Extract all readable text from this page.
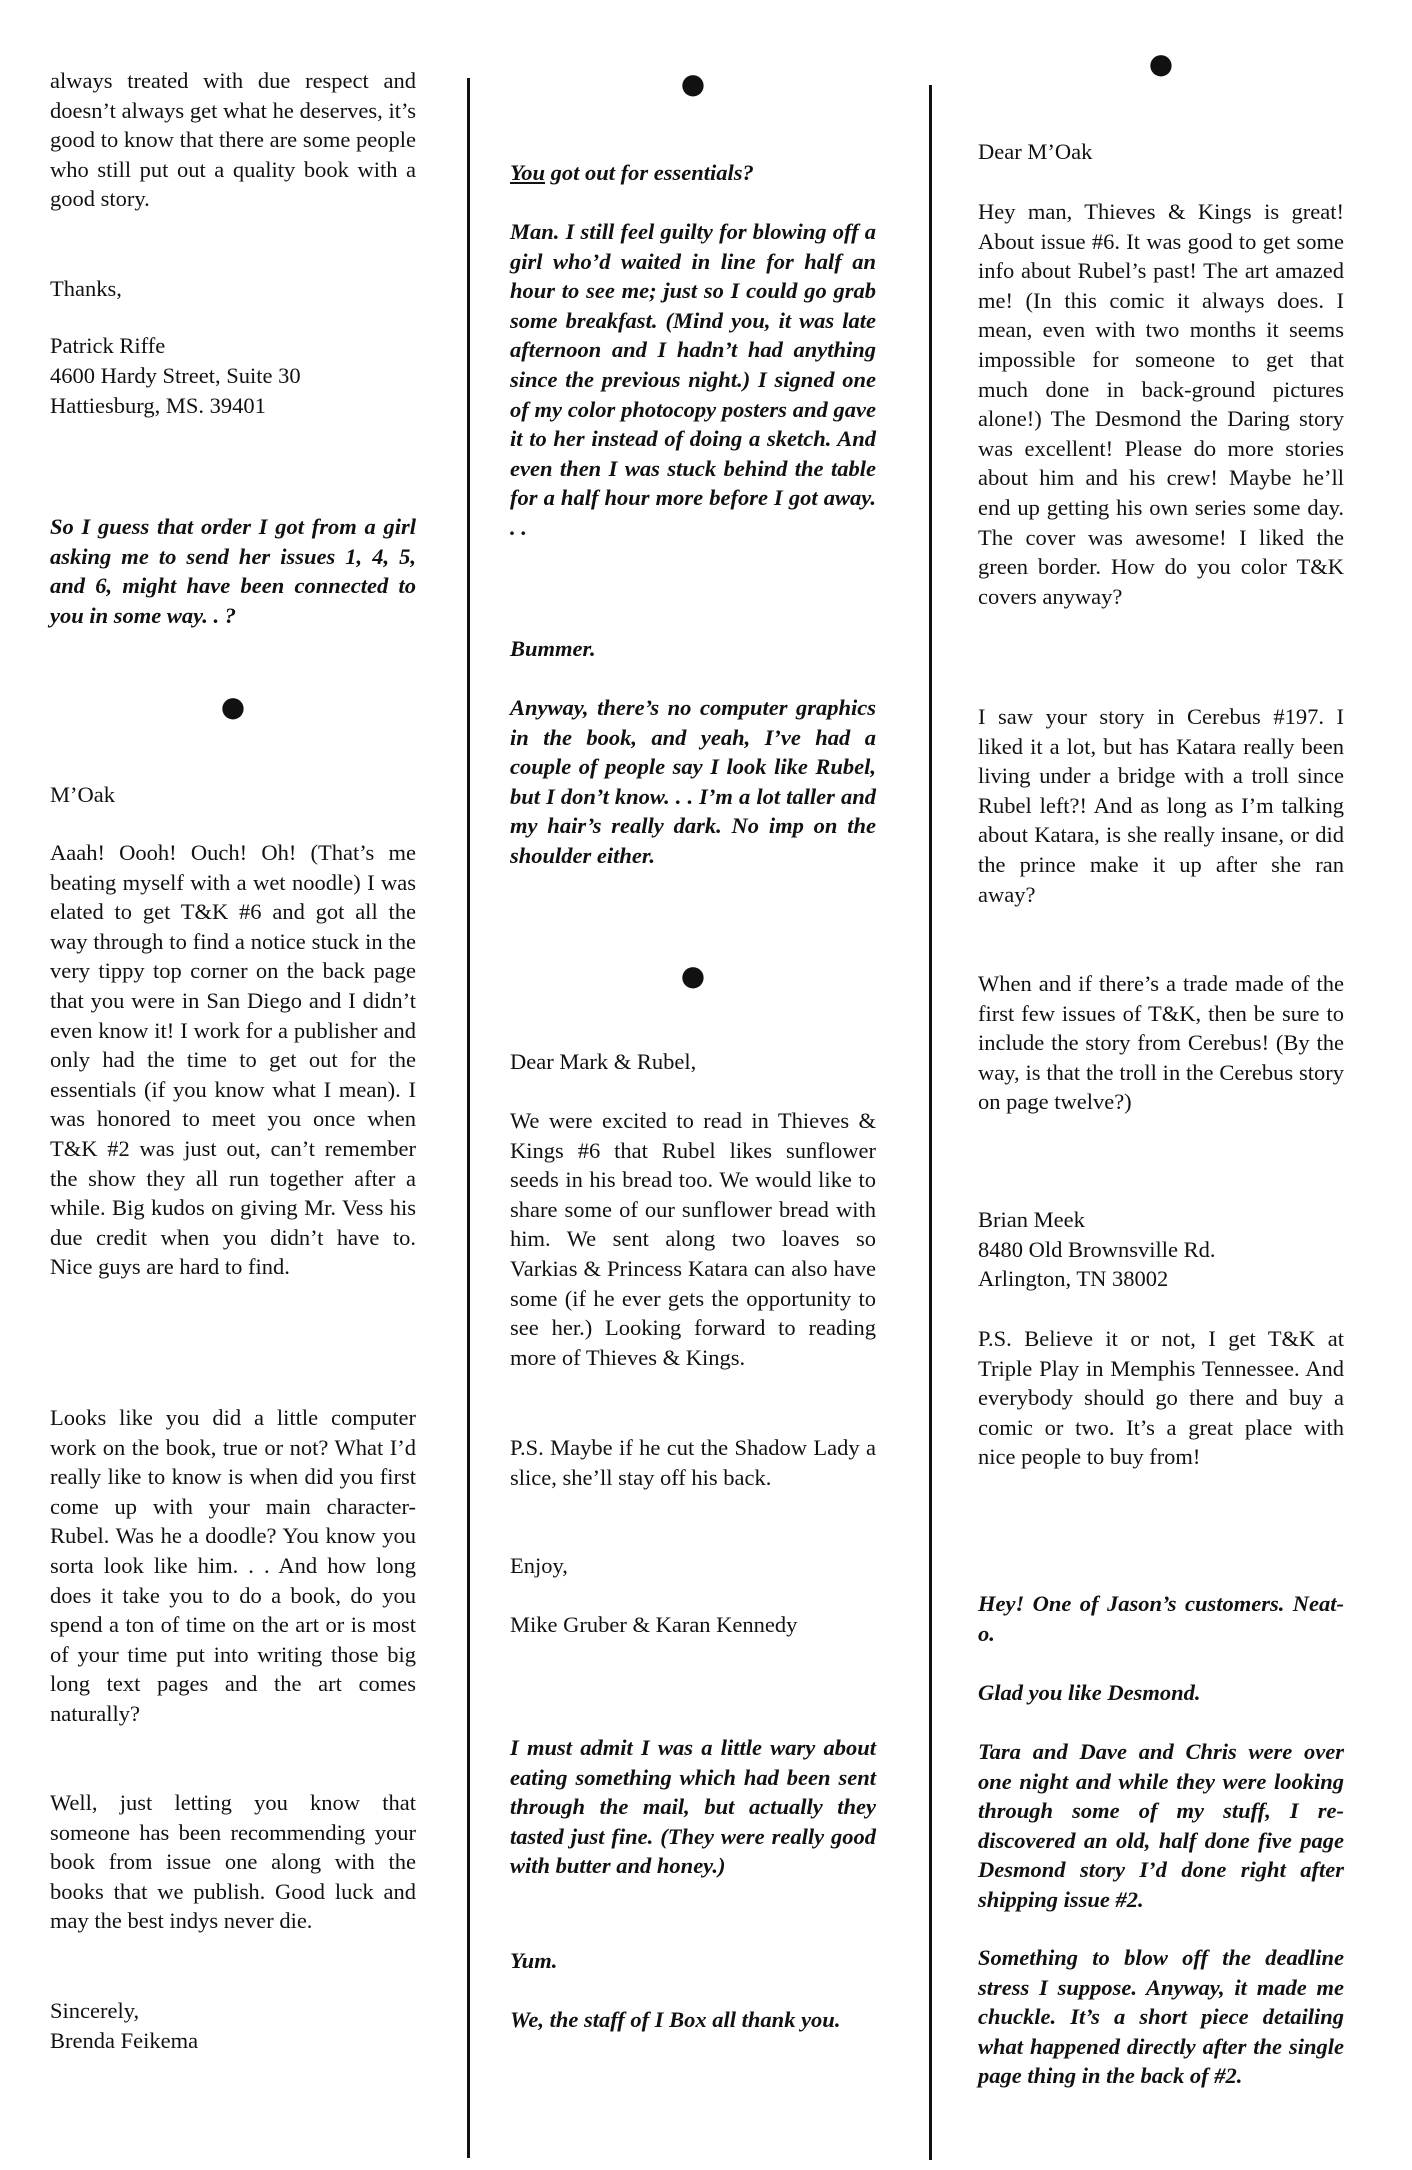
always treated with due respect and doesn’t always get what he deserves, it’s good to know that there are some people who still put out a quality book with a good story.

Thanks,

Patrick Riffe

4600 Hardy Street, Suite 30

Hattiesburg, MS. 39401

So I guess that order I got from a girl asking me to send her issues 1, 4, 5, and 6, might have been connected to you in some way. . ?

●

M’Oak

Aaah! Oooh! Ouch! Oh! (That’s me beating myself with a wet noodle) I was elated to get T&K #6 and got all the way through to find a notice stuck in the very tippy top corner on the back page that you were in San Diego and I didn’t even know it! I work for a publisher and only had the time to get out for the essentials (if you know what I mean). I was honored to meet you once when T&K #2 was just out, can’t remember the show they all run together after a while. Big kudos on giving Mr. Vess his due credit when you didn’t have to. Nice guys are hard to find.

Looks like you did a little computer work on the book, true or not? What I’d really like to know is when did you first come up with your main character-Rubel. Was he a doodle? You know you sorta look like him. . . And how long does it take you to do a book, do you spend a ton of time on the art or is most of your time put into writing those big long text pages and the art comes naturally?

Well, just letting you know that someone has been recommending your book from issue one along with the books that we publish. Good luck and may the best indys never die.

Sincerely,

Brenda Feikema

●

You got out for essentials?

Man. I still feel guilty for blowing off a girl who’d waited in line for half an hour to see me; just so I could go grab some breakfast. (Mind you, it was late afternoon and I hadn’t had anything since the previous night.) I signed one of my color photocopy posters and gave it to her instead of doing a sketch. And even then I was stuck behind the table for a half hour more before I got away. . .

Bummer.

Anyway, there’s no computer graphics in the book, and yeah, I’ve had a couple of people say I look like Rubel, but I don’t know. . . I’m a lot taller and my hair’s really dark. No imp on the shoulder either.

●

Dear Mark & Rubel,

We were excited to read in Thieves & Kings #6 that Rubel likes sunflower seeds in his bread too. We would like to share some of our sunflower bread with him. We sent along two loaves so Varkias & Princess Katara can also have some (if he ever gets the opportunity to see her.) Looking forward to reading more of Thieves & Kings.

P.S. Maybe if he cut the Shadow Lady a slice, she’ll stay off his back.

Enjoy,

Mike Gruber & Karan Kennedy

I must admit I was a little wary about eating something which had been sent through the mail, but actually they tasted just fine. (They were really good with butter and honey.)

Yum.

We, the staff of I Box all thank you.

●

Dear M’Oak

Hey man, Thieves & Kings is great! About issue #6. It was good to get some info about Rubel’s past! The art amazed me! (In this comic it always does. I mean, even with two months it seems impossible for someone to get that much done in back-ground pictures alone!) The Desmond the Daring story was excellent! Please do more stories about him and his crew! Maybe he’ll end up getting his own series some day. The cover was awesome! I liked the green border. How do you color T&K covers anyway?

I saw your story in Cerebus #197. I liked it a lot, but has Katara really been living under a bridge with a troll since Rubel left?! And as long as I’m talking about Katara, is she really insane, or did the prince make it up after she ran away?

When and if there’s a trade made of the first few issues of T&K, then be sure to include the story from Cerebus! (By the way, is that the troll in the Cerebus story on page twelve?)

Brian Meek

8480 Old Brownsville Rd.

Arlington, TN 38002

P.S. Believe it or not, I get T&K at Triple Play in Memphis Tennessee. And everybody should go there and buy a comic or two. It’s a great place with nice people to buy from!

Hey! One of Jason’s customers. Neat-o.

Glad you like Desmond.

Tara and Dave and Chris were over one night and while they were looking through some of my stuff, I re-discovered an old, half done five page Desmond story I’d done right after shipping issue #2.

Something to blow off the deadline stress I suppose. Anyway, it made me chuckle. It’s a short piece detailing what happened directly after the single page thing in the back of #2.
